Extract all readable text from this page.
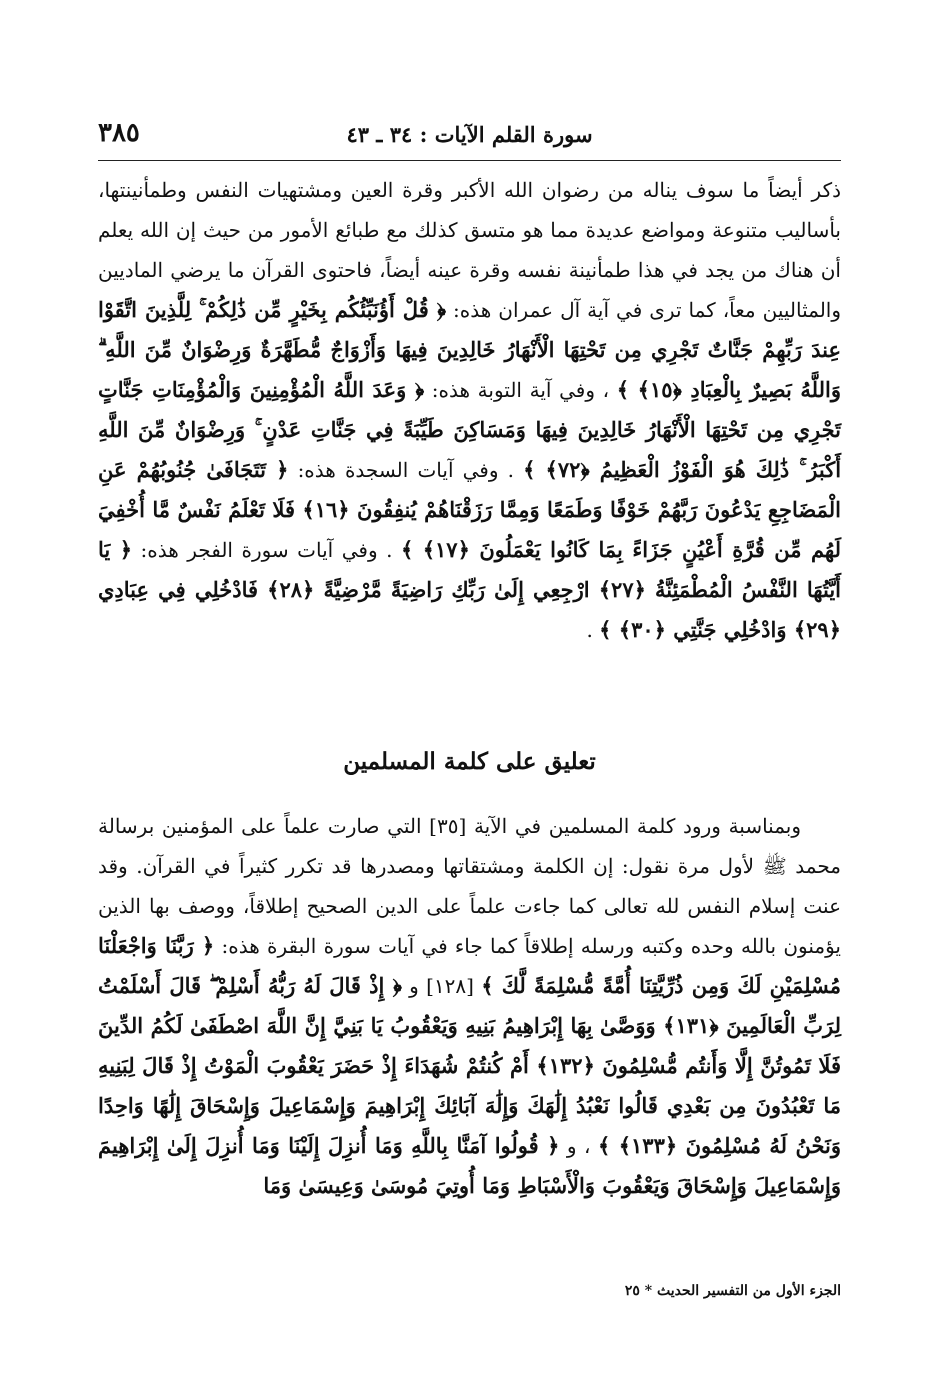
سورة القلم الآيات : ٣٤ ـ ٤٣
٣٨٥

ذكر أيضاً ما سوف يناله من رضوان الله الأكبر وقرة العين ومشتهيات النفس وطمأنينتها، بأساليب متنوعة ومواضع عديدة مما هو متسق كذلك مع طبائع الأمور من حيث إن الله يعلم أن هناك من يجد في هذا طمأنينة نفسه وقرة عينه أيضاً، فاحتوى القرآن ما يرضي الماديين والمثاليين معاً، كما ترى في آية آل عمران هذه: ﴿ قُلْ أَؤُنَبِّئُكُم بِخَيْرٍ مِّن ذَٰلِكُمْ ۚ لِلَّذِينَ اتَّقَوْا عِندَ رَبِّهِمْ جَنَّاتٌ تَجْرِي مِن تَحْتِهَا الْأَنْهَارُ خَالِدِينَ فِيهَا وَأَزْوَاجٌ مُّطَهَّرَةٌ وَرِضْوَانٌ مِّنَ اللَّهِ ۗ وَاللَّهُ بَصِيرٌ بِالْعِبَادِ ﴿١٥﴾ ﴾ ، وفي آية التوبة هذه: ﴿ وَعَدَ اللَّهُ الْمُؤْمِنِينَ وَالْمُؤْمِنَاتِ جَنَّاتٍ تَجْرِي مِن تَحْتِهَا الْأَنْهَارُ خَالِدِينَ فِيهَا وَمَسَاكِنَ طَيِّبَةً فِي جَنَّاتِ عَدْنٍ ۚ وَرِضْوَانٌ مِّنَ اللَّهِ أَكْبَرُ ۚ ذَٰلِكَ هُوَ الْفَوْزُ الْعَظِيمُ ﴿٧٢﴾ ﴾ . وفي آيات السجدة هذه: ﴿ تَتَجَافَىٰ جُنُوبُهُمْ عَنِ الْمَضَاجِعِ يَدْعُونَ رَبَّهُمْ خَوْفًا وَطَمَعًا وَمِمَّا رَزَقْنَاهُمْ يُنفِقُونَ ﴿١٦﴾ فَلَا تَعْلَمُ نَفْسٌ مَّا أُخْفِيَ لَهُم مِّن قُرَّةِ أَعْيُنٍ جَزَاءً بِمَا كَانُوا يَعْمَلُونَ ﴿١٧﴾ ﴾ . وفي آيات سورة الفجر هذه: ﴿ يَا أَيَّتُهَا النَّفْسُ الْمُطْمَئِنَّةُ ﴿٢٧﴾ ارْجِعِي إِلَىٰ رَبِّكِ رَاضِيَةً مَّرْضِيَّةً ﴿٢٨﴾ فَادْخُلِي فِي عِبَادِي ﴿٢٩﴾ وَادْخُلِي جَنَّتِي ﴿٣٠﴾ ﴾ .

تعليق على كلمة المسلمين

وبمناسبة ورود كلمة المسلمين في الآية [٣٥] التي صارت علماً على المؤمنين برسالة محمد ﷺ لأول مرة نقول: إن الكلمة ومشتقاتها ومصدرها قد تكرر كثيراً في القرآن. وقد عنت إسلام النفس لله تعالى كما جاءت علماً على الدين الصحيح إطلاقاً، ووصف بها الذين يؤمنون بالله وحده وكتبه ورسله إطلاقاً كما جاء في آيات سورة البقرة هذه: ﴿ رَبَّنَا وَاجْعَلْنَا مُسْلِمَيْنِ لَكَ وَمِن ذُرِّيَّتِنَا أُمَّةً مُّسْلِمَةً لَّكَ ﴾ [١٢٨] و ﴿ إِذْ قَالَ لَهُ رَبُّهُ أَسْلِمْ ۖ قَالَ أَسْلَمْتُ لِرَبِّ الْعَالَمِينَ ﴿١٣١﴾ وَوَصَّىٰ بِهَا إِبْرَاهِيمُ بَنِيهِ وَيَعْقُوبُ يَا بَنِيَّ إِنَّ اللَّهَ اصْطَفَىٰ لَكُمُ الدِّينَ فَلَا تَمُوتُنَّ إِلَّا وَأَنتُم مُّسْلِمُونَ ﴿١٣٢﴾ أَمْ كُنتُمْ شُهَدَاءَ إِذْ حَضَرَ يَعْقُوبَ الْمَوْتُ إِذْ قَالَ لِبَنِيهِ مَا تَعْبُدُونَ مِن بَعْدِي قَالُوا نَعْبُدُ إِلَٰهَكَ وَإِلَٰهَ آبَائِكَ إِبْرَاهِيمَ وَإِسْمَاعِيلَ وَإِسْحَاقَ إِلَٰهًا وَاحِدًا وَنَحْنُ لَهُ مُسْلِمُونَ ﴿١٣٣﴾ ﴾ ، و ﴿ قُولُوا آمَنَّا بِاللَّهِ وَمَا أُنزِلَ إِلَيْنَا وَمَا أُنزِلَ إِلَىٰ إِبْرَاهِيمَ وَإِسْمَاعِيلَ وَإِسْحَاقَ وَيَعْقُوبَ وَالْأَسْبَاطِ وَمَا أُوتِيَ مُوسَىٰ وَعِيسَىٰ وَمَا

الجزء الأول من التفسير الحديث * ٢٥
